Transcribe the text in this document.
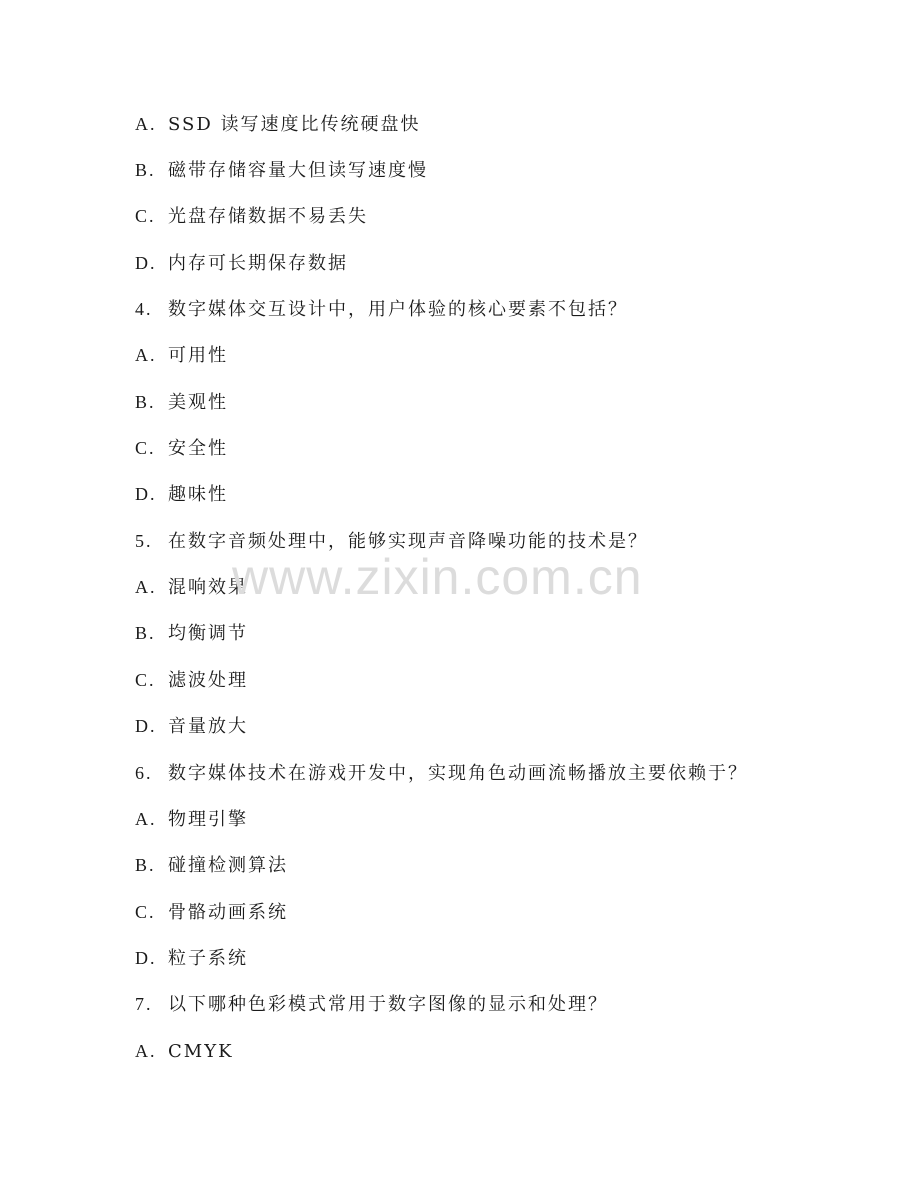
A. SSD 读写速度比传统硬盘快
B. 磁带存储容量大但读写速度慢
C. 光盘存储数据不易丢失
D. 内存可长期保存数据
4. 数字媒体交互设计中，用户体验的核心要素不包括？
A. 可用性
B. 美观性
C. 安全性
D. 趣味性
5. 在数字音频处理中，能够实现声音降噪功能的技术是？
A. 混响效果
B. 均衡调节
C. 滤波处理
D. 音量放大
6. 数字媒体技术在游戏开发中，实现角色动画流畅播放主要依赖于？
A. 物理引擎
B. 碰撞检测算法
C. 骨骼动画系统
D. 粒子系统
7. 以下哪种色彩模式常用于数字图像的显示和处理？
A. CMYK
www.zixin.com.cn
